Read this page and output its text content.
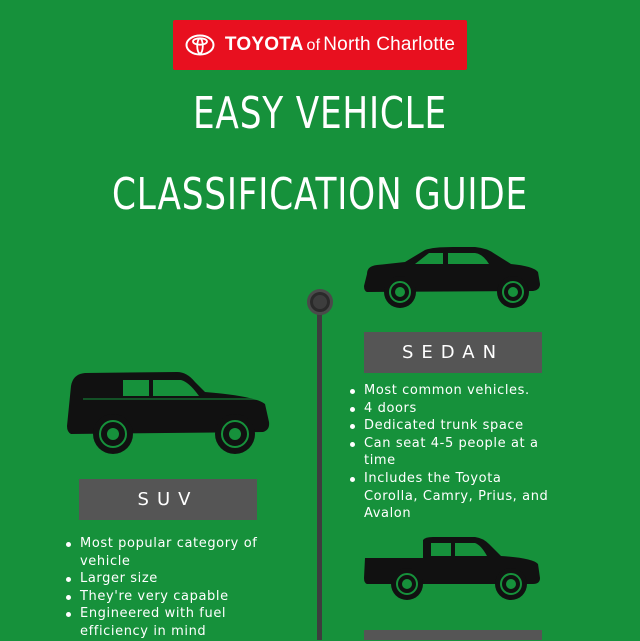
TOYOTA of North Charlotte
EASY VEHICLE
CLASSIFICATION GUIDE
SEDAN
Most common vehicles.
4 doors
Dedicated trunk space
Can seat 4-5 people at a time
Includes the Toyota Corolla, Camry, Prius, and Avalon
SUV
Most popular category of vehicle
Larger size
They're very capable
Engineered with fuel efficiency in mind
